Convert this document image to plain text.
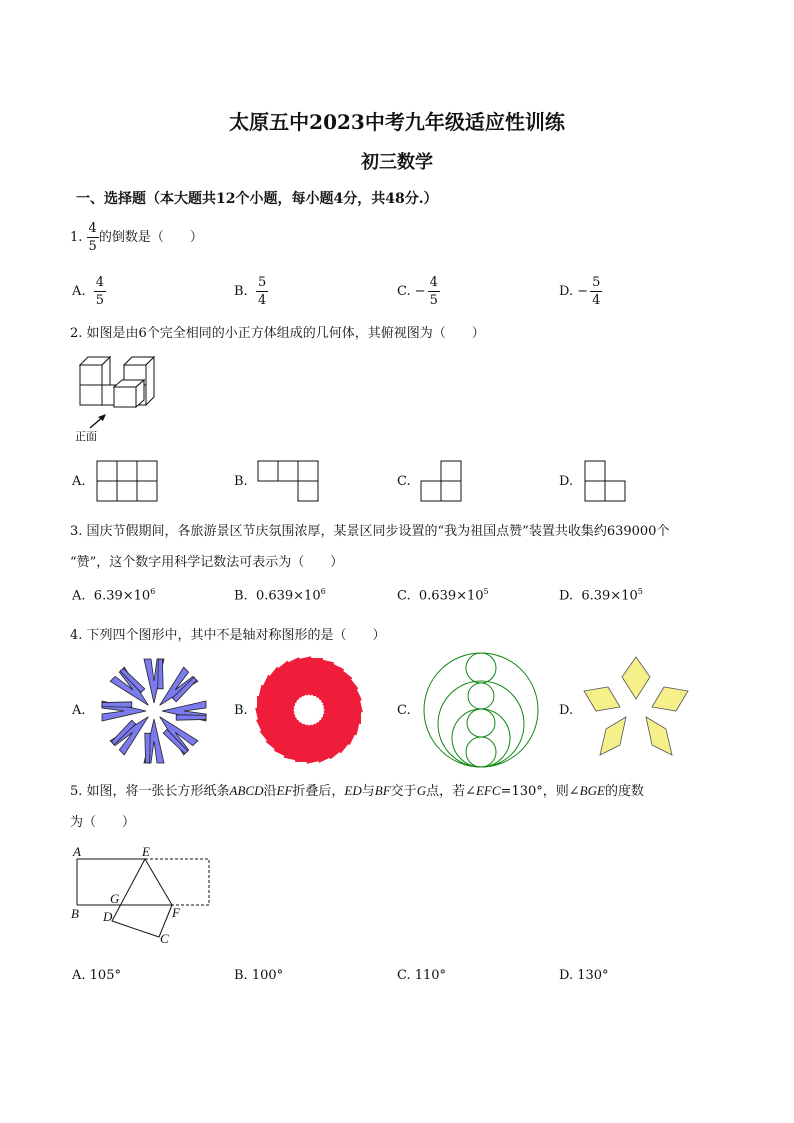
太原五中2023中考九年级适应性训练
初三数学
一、选择题（本大题共12个小题，每小题4分，共48分.）
1. $\frac{4}{5}$ 的倒数是（　　）
A. $\frac{4}{5}$	B. $\frac{5}{4}$	C. − $\frac{4}{5}$	D. − $\frac{5}{4}$
2. 如图是由6个完全相同的小正方体组成的几何体，其俯视图为（　　）
正面
A.	B.	C.	D.
3. 国庆节假期间，各旅游景区节庆氛围浓厚，某景区同步设置的“我为祖国点赞”装置共收集约639000个
“赞”，这个数字用科学记数法可表示为（　　）
A. $6.39\times 10^6$	B. $0.639\times 10^6$	C. $0.639\times 10^5$	D. $6.39\times 10^5$
4. 下列四个图形中，其中不是轴对称图形的是（　　）
A.	B.	C.	D.
5. 如图，将一张长方形纸条ABCD沿EF折叠后，ED与BF交于G点，若∠EFC=130°，则∠BGE的度数
为（　　）
A	E
B
G
D	F
C
A. 105°	B. 100°	C. 110°	D. 130°
